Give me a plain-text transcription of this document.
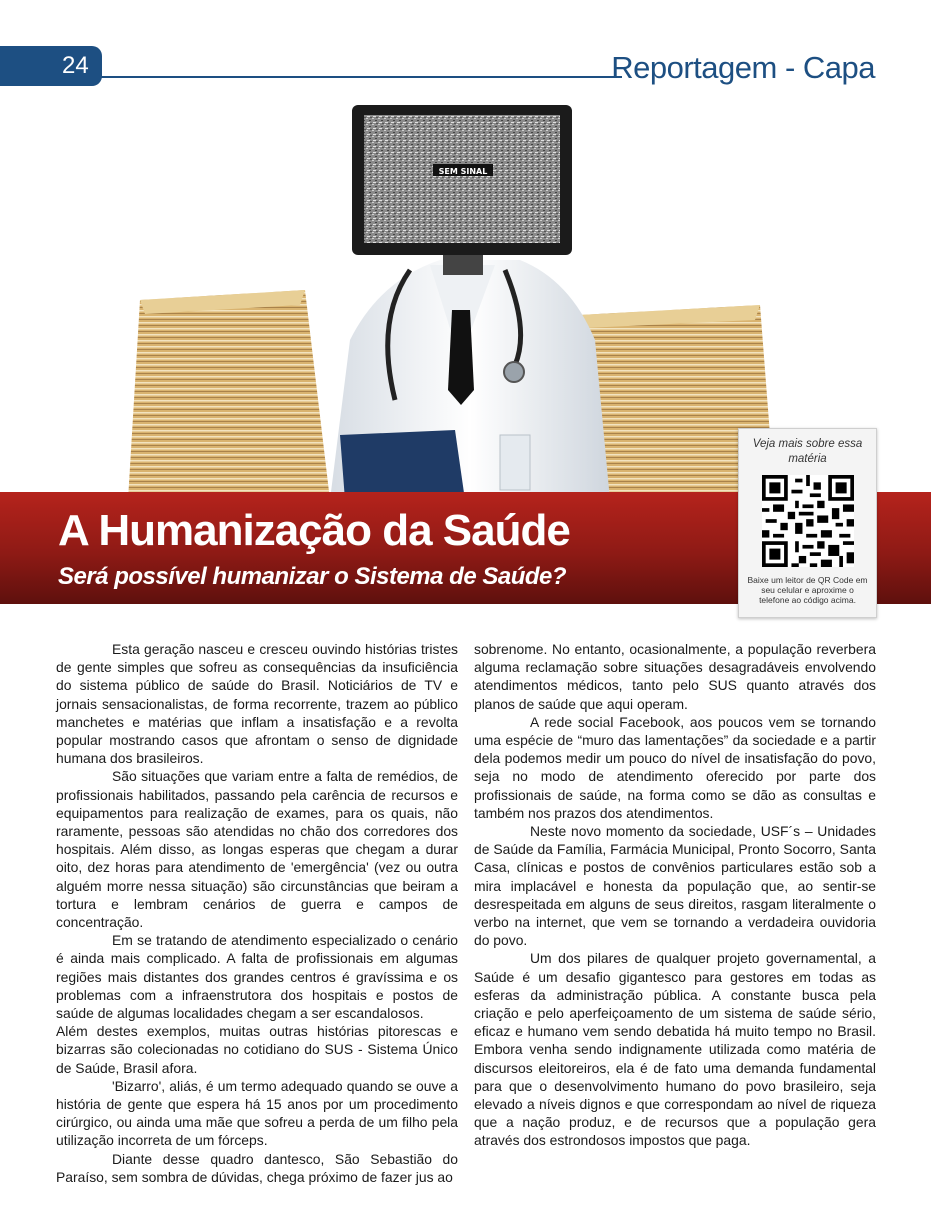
24	Reportagem - Capa
SEM SINAL
A Humanização da Saúde
Será possível humanizar o Sistema de Saúde?
Veja mais sobre essa matéria
Baixe um leitor de QR Code em seu celular e aproxime o telefone ao código acima.

Esta geração nasceu e cresceu ouvindo histórias tristes de gente simples que sofreu as consequências da insuficiência do sistema público de saúde do Brasil. Noticiários de TV e jornais sensacionalistas, de forma recorrente, trazem ao público manchetes e matérias que inflam a insatisfação e a revolta popular mostrando casos que afrontam o senso de dignidade humana dos brasileiros.

São situações que variam entre a falta de remédios, de profissionais habilitados, passando pela carência de recursos e equipamentos para realização de exames, para os quais, não raramente, pessoas são atendidas no chão dos corredores dos hospitais. Além disso, as longas esperas que chegam a durar oito, dez horas para atendimento de 'emergência' (vez ou outra alguém morre nessa situação) são circunstâncias que beiram a tortura e lembram cenários de guerra e campos de concentração.

Em se tratando de atendimento especializado o cenário é ainda mais complicado. A falta de profissionais em algumas regiões mais distantes dos grandes centros é gravíssima e os problemas com a infraenstrutora dos hospitais e postos de saúde de algumas localidades chegam a ser escandalosos.

Além destes exemplos, muitas outras histórias pitorescas e bizarras são colecionadas no cotidiano do SUS - Sistema Único de Saúde, Brasil afora.

'Bizarro', aliás, é um termo adequado quando se ouve a história de gente que espera há 15 anos por um procedimento cirúrgico, ou ainda uma mãe que sofreu a perda de um filho pela utilização incorreta de um fórceps.

Diante desse quadro dantesco, São Sebastião do Paraíso, sem sombra de dúvidas, chega próximo de fazer jus ao

sobrenome. No entanto, ocasionalmente, a população reverbera alguma reclamação sobre situações desagradáveis envolvendo atendimentos médicos, tanto pelo SUS quanto através dos planos de saúde que aqui operam.

A rede social Facebook, aos poucos vem se tornando uma espécie de “muro das lamentações” da sociedade e a partir dela podemos medir um pouco do nível de insatisfação do povo, seja no modo de atendimento oferecido por parte dos profissionais de saúde, na forma como se dão as consultas e também nos prazos dos atendimentos.

Neste novo momento da sociedade, USF´s – Unidades de Saúde da Família, Farmácia Municipal, Pronto Socorro, Santa Casa, clínicas e postos de convênios particulares estão sob a mira implacável e honesta da população que, ao sentir-se desrespeitada em alguns de seus direitos, rasgam literalmente o verbo na internet, que vem se tornando a verdadeira ouvidoria do povo.

Um dos pilares de qualquer projeto governamental, a Saúde é um desafio gigantesco para gestores em todas as esferas da administração pública. A constante busca pela criação e pelo aperfeiçoamento de um sistema de saúde sério, eficaz e humano vem sendo debatida há muito tempo no Brasil. Embora venha sendo indignamente utilizada como matéria de discursos eleitoreiros, ela é de fato uma demanda fundamental para que o desenvolvimento humano do povo brasileiro, seja elevado a níveis dignos e que correspondam ao nível de riqueza que a nação produz, e de recursos que a população gera através dos estrondosos impostos que paga.
